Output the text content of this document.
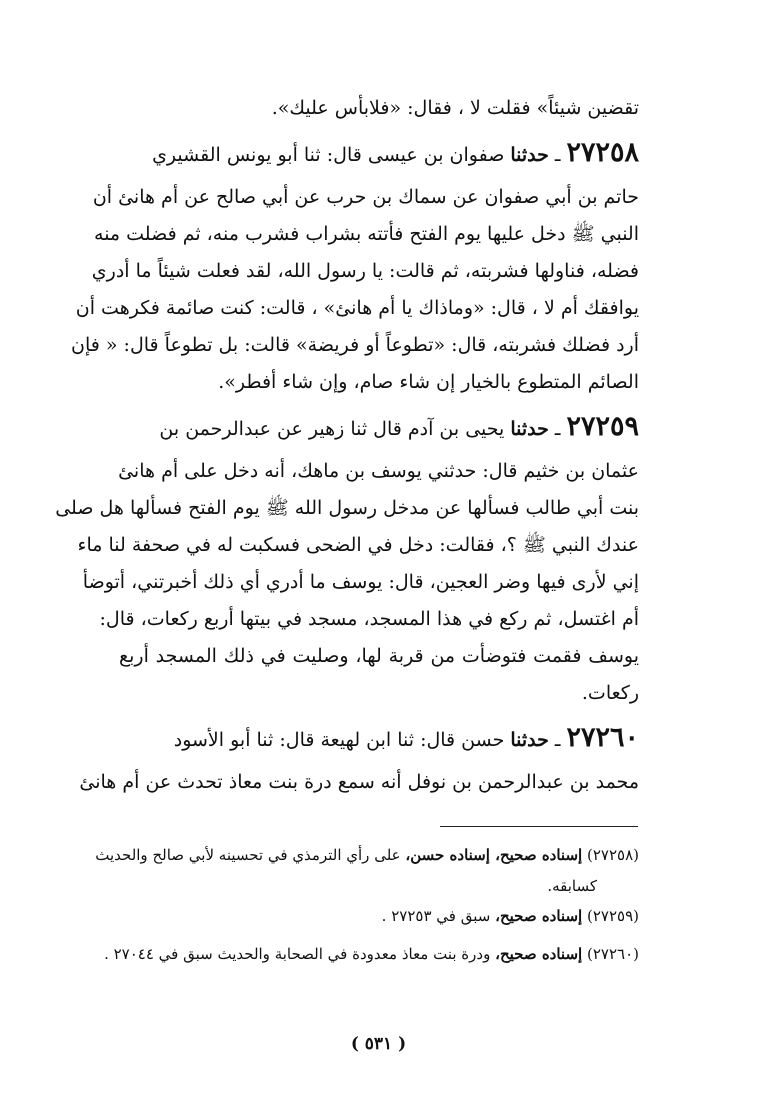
تقضين شيئاً» فقلت لا ، فقال: «فلابأس عليك».
٢٧٢٥٨ـ حدثناصفوان بن عيسى قال: ثنا أبو يونس القشيري
حاتم بن أبي صفوان عن سماك بن حرب عن أبي صالح عن أم هانئ أن
النبي ﷺ دخل عليها يوم الفتح فأتته بشراب فشرب منه، ثم فضلت منه
فضله، فناولها فشربته، ثم قالت: يا رسول الله، لقد فعلت شيئاً ما أدري
يوافقك أم لا ، قال: «وماذاك يا أم هانئ» ، قالت: كنت صائمة فكرهت أن
أرد فضلك فشربته، قال: «تطوعاً أو فريضة» قالت: بل تطوعاً قال: « فإن
الصائم المتطوع بالخيار إن شاء صام، وإن شاء أفطر».
٢٧٢٥٩ـ حدثنايحيى بن آدم قال ثنا زهير عن عبدالرحمن بن
عثمان بن خثيم قال: حدثني يوسف بن ماهك، أنه دخل على أم هانئ
بنت أبي طالب فسألها عن مدخل رسول الله ﷺ يوم الفتح فسألها هل صلى
عندك النبي ﷺ ؟، فقالت: دخل في الضحى فسكبت له في صحفة لنا ماء
إني لأرى فيها وضر العجين، قال: يوسف ما أدري أي ذلك أخبرتني، أتوضأ
أم اغتسل، ثم ركع في هذا المسجد، مسجد في بيتها أربع ركعات، قال:
يوسف فقمت فتوضأت من قربة لها، وصليت في ذلك المسجد أربع
ركعات.
٢٧٢٦٠ـ حدثناحسن قال: ثنا ابن لهيعة قال: ثنا أبو الأسود
محمد بن عبدالرحمن بن نوفل أنه سمع درة بنت معاذ تحدث عن أم هانئ
(٢٧٢٥٨) إسناده صحيح، إسناده حسن، على رأي الترمذي في تحسينه لأبي صالح والحديث
كسابقه.
(٢٧٢٥٩) إسناده صحيح، سبق في ٢٧٢٥٣ .
(٢٧٢٦٠) إسناده صحيح، ودرة بنت معاذ معدودة في الصحابة والحديث سبق في ٢٧٠٤٤ .
( ٥٣١ )
